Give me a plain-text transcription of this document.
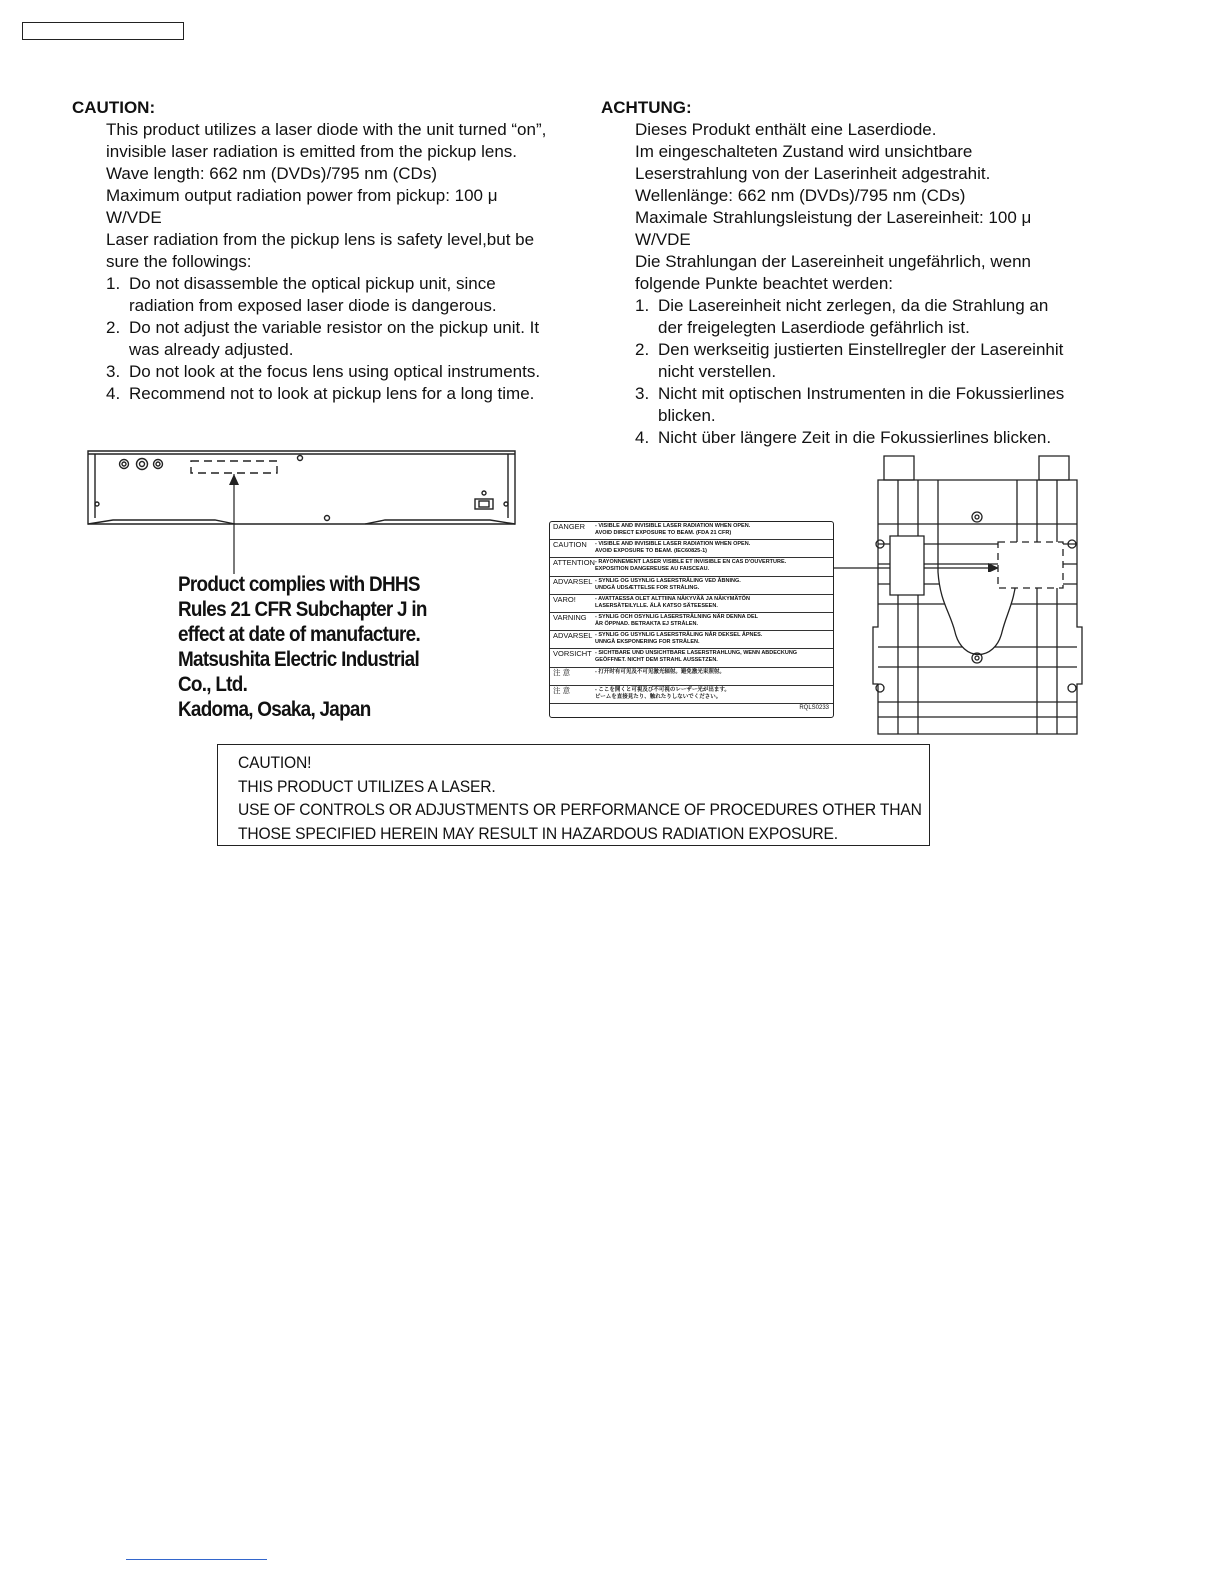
CAUTION:

This product utilizes a laser diode with the unit turned “on”,

invisible laser radiation is emitted from the pickup lens.

Wave length: 662 nm (DVDs)/795 nm (CDs)

Maximum output radiation power from pickup: 100 μ

W/VDE

Laser radiation from the pickup lens is safety level,but be

sure the followings:

1. Do not disassemble the optical pickup unit, since
radiation from exposed laser diode is dangerous.
2. Do not adjust the variable resistor on the pickup unit. It
was already adjusted.
3. Do not look at the focus lens using optical instruments.
4. Recommend not to look at pickup lens for a long time.
ACHTUNG:

Dieses Produkt enthält eine Laserdiode.

Im eingeschalteten Zustand wird unsichtbare

Leserstrahlung von der Laserinheit adgestrahit.

Wellenlänge: 662 nm (DVDs)/795 nm (CDs)

Maximale Strahlungsleistung der Lasereinheit: 100 μ

W/VDE

Die Strahlungan der Lasereinheit ungefährlich, wenn

folgende Punkte beachtet werden:

1. Die Lasereinheit nicht zerlegen, da die Strahlung an
der freigelegten Laserdiode gefährlich ist.
2. Den werkseitig justierten Einstellregler der Lasereinhit
nicht verstellen.
3. Nicht mit optischen Instrumenten in die Fokussierlines
blicken.
4. Nicht über längere Zeit in die Fokussierlines blicken.

Product complies with DHHS

Rules 21 CFR Subchapter J in

effect at date of manufacture.

Matsushita Electric Industrial

Co., Ltd.

Kadoma, Osaka, Japan

DANGER	- VISIBLE AND INVISIBLE LASER RADIATION WHEN OPEN.
AVOID DIRECT EXPOSURE TO BEAM. (FDA 21 CFR)
CAUTION	- VISIBLE AND INVISIBLE LASER RADIATION WHEN OPEN.
AVOID EXPOSURE TO BEAM. (IEC60825-1)
ATTENTION - RAYONNEMENT LASER VISIBLE ET INVISIBLE EN CAS D'OUVERTURE.
EXPOSITION DANGEREUSE AU FAISCEAU.
ADVARSEL - SYNLIG OG USYNLIG LASERSTRÅLING VED ÅBNING.
UNDGÅ UDSÆTTELSE FOR STRÅLING.
VARO!	- AVATTAESSA OLET ALTTIINA NÄKYVÄÄ JA NÄKYMÄTÖN
LASERSÄTEILYLLE. ÄLÄ KATSO SÄTEESEEN.
VARNING	- SYNLIG OCH OSYNLIG LASERSTRÅLNING NÄR DENNA DEL
ÄR ÖPPNAD. BETRAKTA EJ STRÅLEN.
ADVARSEL - SYNLIG OG USYNLIG LASERSTRÅLING NÅR DEKSEL ÅPNES.
UNNGÅ EKSPONERING FOR STRÅLEN.
VORSICHT - SICHTBARE UND UNSICHTBARE LASERSTRAHLUNG, WENN ABDECKUNG
GEÖFFNET. NICHT DEM STRAHL AUSSETZEN.
注 意	- 打开时有可见及不可见激光辐射。避免激光束照射。
注 意	- ここを開くと可視及び不可視のレーザー光が出ます。
ビームを直接見たり、触れたりしないでください。
RQLS0233

CAUTION!

THIS PRODUCT UTILIZES A LASER.

USE OF CONTROLS OR ADJUSTMENTS OR PERFORMANCE OF PROCEDURES OTHER THAN

THOSE SPECIFIED HEREIN MAY RESULT IN HAZARDOUS RADIATION EXPOSURE.
